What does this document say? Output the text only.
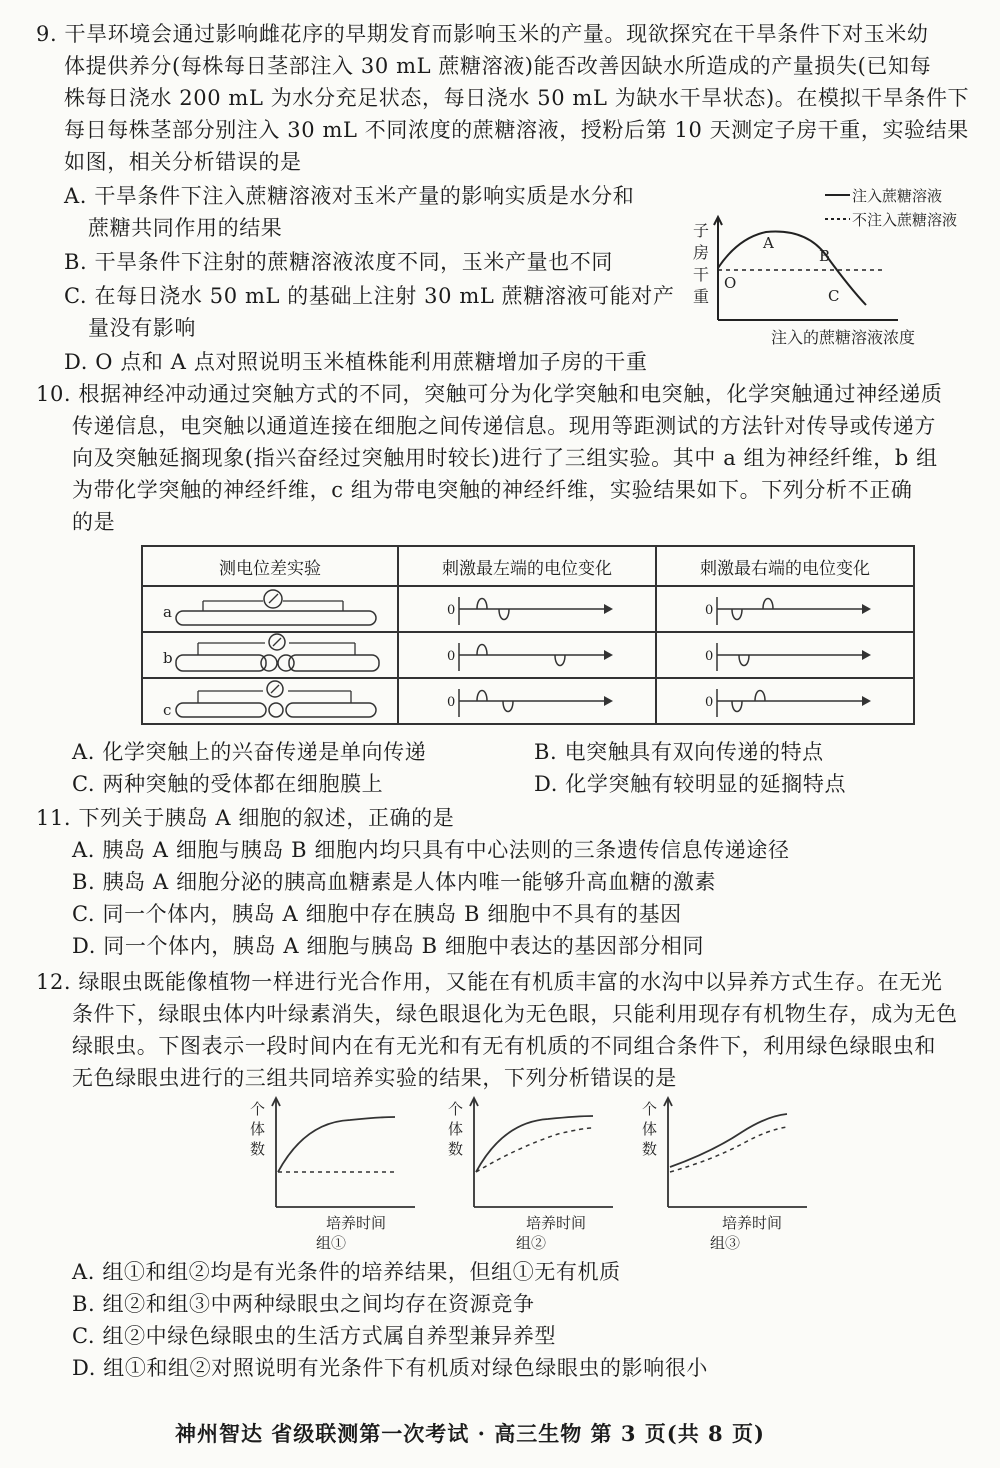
9. 干旱环境会通过影响雌花序的早期发育而影响玉米的产量。现欲探究在干旱条件下对玉米幼
体提供养分(每株每日茎部注入 30 mL 蔗糖溶液)能否改善因缺水所造成的产量损失(已知每
株每日浇水 200 mL 为水分充足状态，每日浇水 50 mL 为缺水干旱状态)。在模拟干旱条件下
每日每株茎部分别注入 30 mL 不同浓度的蔗糖溶液，授粉后第 10 天测定子房干重，实验结果
如图，相关分析错误的是
A. 干旱条件下注入蔗糖溶液对玉米产量的影响实质是水分和
蔗糖共同作用的结果
B. 干旱条件下注射的蔗糖溶液浓度不同，玉米产量也不同
C. 在每日浇水 50 mL 的基础上注射 30 mL 蔗糖溶液可能对产
量没有影响
D. O 点和 A 点对照说明玉米植株能利用蔗糖增加子房的干重
注入蔗糖溶液
不注入蔗糖溶液
子
房
干
重
O
A
B
C
注入的蔗糖溶液浓度
10. 根据神经冲动通过突触方式的不同，突触可分为化学突触和电突触，化学突触通过神经递质
传递信息，电突触以通道连接在细胞之间传递信息。现用等距测试的方法针对传导或传递方
向及突触延搁现象(指兴奋经过突触用时较长)进行了三组实验。其中 a 组为神经纤维，b 组
为带化学突触的神经纤维，c 组为带电突触的神经纤维，实验结果如下。下列分析不正确
的是
测电位差实验	刺激最左端的电位变化	刺激最右端的电位变化

a	0	0

b	0	0

c	0	0
A. 化学突触上的兴奋传递是单向传递	B. 电突触具有双向传递的特点
C. 两种突触的受体都在细胞膜上	D. 化学突触有较明显的延搁特点
11. 下列关于胰岛 A 细胞的叙述，正确的是
A. 胰岛 A 细胞与胰岛 B 细胞内均只具有中心法则的三条遗传信息传递途径
B. 胰岛 A 细胞分泌的胰高血糖素是人体内唯一能够升高血糖的激素
C. 同一个体内，胰岛 A 细胞中存在胰岛 B 细胞中不具有的基因
D. 同一个体内，胰岛 A 细胞与胰岛 B 细胞中表达的基因部分相同
12. 绿眼虫既能像植物一样进行光合作用，又能在有机质丰富的水沟中以异养方式生存。在无光
条件下，绿眼虫体内叶绿素消失，绿色眼退化为无色眼，只能利用现存有机物生存，成为无色
绿眼虫。下图表示一段时间内在有无光和有无有机质的不同组合条件下，利用绿色绿眼虫和
无色绿眼虫进行的三组共同培养实验的结果，下列分析错误的是
个
体
数
培养时间
组①
个
体
数
培养时间
组②
个
体
数
培养时间
组③
A. 组①和组②均是有光条件的培养结果，但组①无有机质
B. 组②和组③中两种绿眼虫之间均存在资源竞争
C. 组②中绿色绿眼虫的生活方式属自养型兼异养型
D. 组①和组②对照说明有光条件下有机质对绿色绿眼虫的影响很小
神州智达 省级联测第一次考试 · 高三生物 第 3 页(共 8 页)
